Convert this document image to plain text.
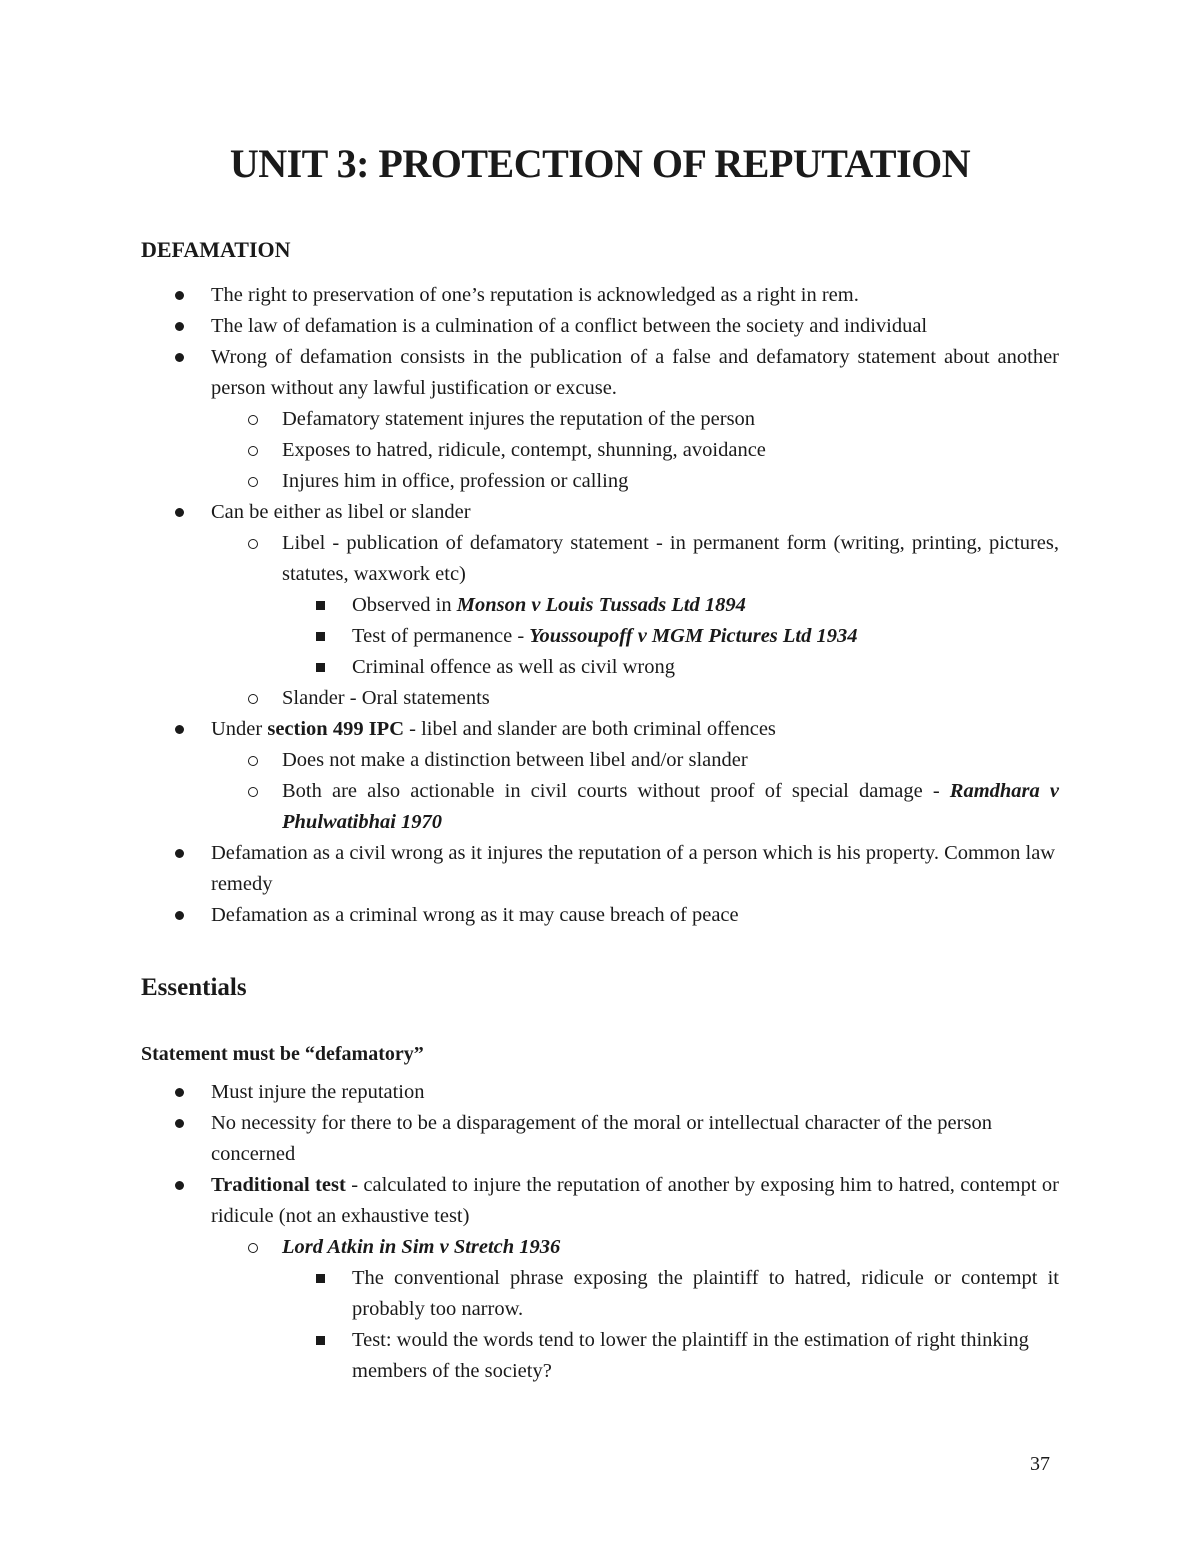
UNIT 3: PROTECTION OF REPUTATION
DEFAMATION
The right to preservation of one’s reputation is acknowledged as a right in rem.
The law of defamation is a culmination of a conflict between the society and individual
Wrong of defamation consists in the publication of a false and defamatory statement about another person without any lawful justification or excuse.
Defamatory statement injures the reputation of the person
Exposes to hatred, ridicule, contempt, shunning, avoidance
Injures him in office, profession or calling
Can be either as libel or slander
Libel - publication of defamatory statement - in permanent form (writing, printing, pictures, statutes, waxwork etc)
Observed in Monson v Louis Tussads Ltd 1894
Test of permanence - Youssoupoff v MGM Pictures Ltd 1934
Criminal offence as well as civil wrong
Slander - Oral statements
Under section 499 IPC - libel and slander are both criminal offences
Does not make a distinction between libel and/or slander
Both are also actionable in civil courts without proof of special damage - Ramdhara v Phulwatibhai 1970
Defamation as a civil wrong as it injures the reputation of a person which is his property. Common law remedy
Defamation as a criminal wrong as it may cause breach of peace
Essentials
Statement must be “defamatory”
Must injure the reputation
No necessity for there to be a disparagement of the moral or intellectual character of the person concerned
Traditional test - calculated to injure the reputation of another by exposing him to hatred, contempt or ridicule (not an exhaustive test)
Lord Atkin in Sim v Stretch 1936
The conventional phrase exposing the plaintiff to hatred, ridicule or contempt it probably too narrow.
Test: would the words tend to lower the plaintiff in the estimation of right thinking members of the society?

37
